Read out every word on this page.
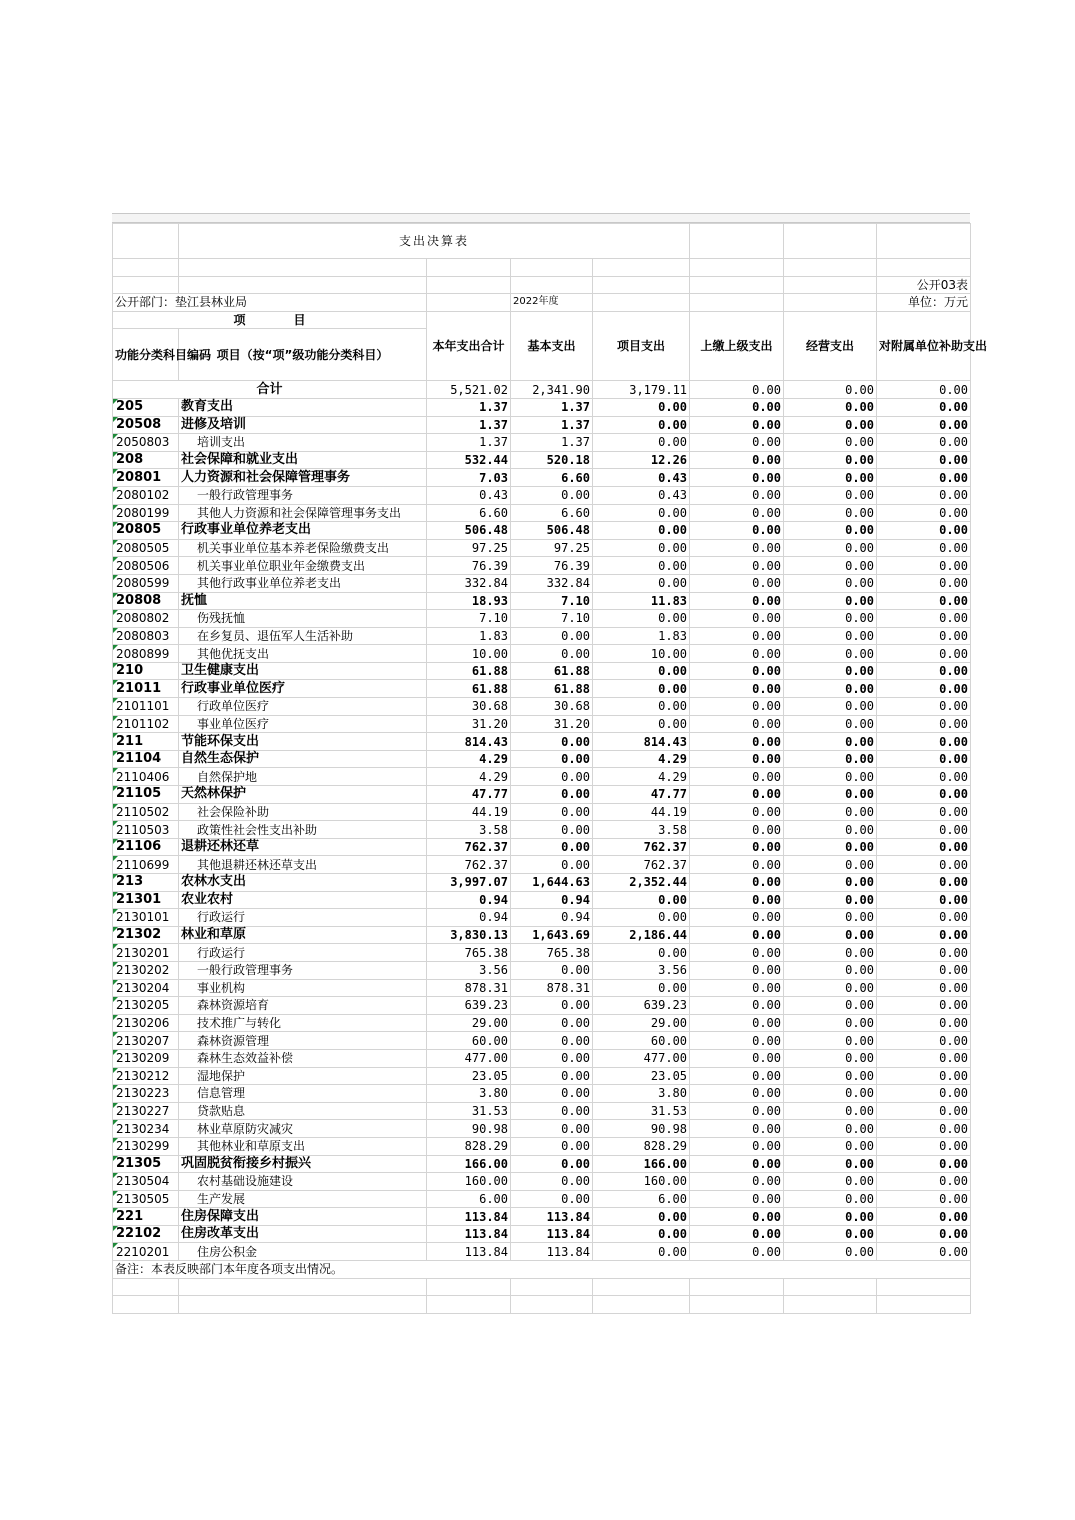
	支出决算表						

							公开03表
公开部门：垫江县林业局			2022年度				单位：万元
项　　　　目		本年支出合计	基本支出	项目支出	上缴上级支出	经营支出	对附属单位补助支出
功能分类科目编码	项目（按“项”级功能分类科目）						
合计		5,521.02	2,341.90	3,179.11	0.00	0.00	0.00
205	教育支出	1.37	1.37	0.00	0.00	0.00	0.00
20508	进修及培训	1.37	1.37	0.00	0.00	0.00	0.00
2050803	培训支出	1.37	1.37	0.00	0.00	0.00	0.00
208	社会保障和就业支出	532.44	520.18	12.26	0.00	0.00	0.00
20801	人力资源和社会保障管理事务	7.03	6.60	0.43	0.00	0.00	0.00
2080102	一般行政管理事务	0.43	0.00	0.43	0.00	0.00	0.00
2080199	其他人力资源和社会保障管理事务支出	6.60	6.60	0.00	0.00	0.00	0.00
20805	行政事业单位养老支出	506.48	506.48	0.00	0.00	0.00	0.00
2080505	机关事业单位基本养老保险缴费支出	97.25	97.25	0.00	0.00	0.00	0.00
2080506	机关事业单位职业年金缴费支出	76.39	76.39	0.00	0.00	0.00	0.00
2080599	其他行政事业单位养老支出	332.84	332.84	0.00	0.00	0.00	0.00
20808	抚恤	18.93	7.10	11.83	0.00	0.00	0.00
2080802	伤残抚恤	7.10	7.10	0.00	0.00	0.00	0.00
2080803	在乡复员、退伍军人生活补助	1.83	0.00	1.83	0.00	0.00	0.00
2080899	其他优抚支出	10.00	0.00	10.00	0.00	0.00	0.00
210	卫生健康支出	61.88	61.88	0.00	0.00	0.00	0.00
21011	行政事业单位医疗	61.88	61.88	0.00	0.00	0.00	0.00
2101101	行政单位医疗	30.68	30.68	0.00	0.00	0.00	0.00
2101102	事业单位医疗	31.20	31.20	0.00	0.00	0.00	0.00
211	节能环保支出	814.43	0.00	814.43	0.00	0.00	0.00
21104	自然生态保护	4.29	0.00	4.29	0.00	0.00	0.00
2110406	自然保护地	4.29	0.00	4.29	0.00	0.00	0.00
21105	天然林保护	47.77	0.00	47.77	0.00	0.00	0.00
2110502	社会保险补助	44.19	0.00	44.19	0.00	0.00	0.00
2110503	政策性社会性支出补助	3.58	0.00	3.58	0.00	0.00	0.00
21106	退耕还林还草	762.37	0.00	762.37	0.00	0.00	0.00
2110699	其他退耕还林还草支出	762.37	0.00	762.37	0.00	0.00	0.00
213	农林水支出	3,997.07	1,644.63	2,352.44	0.00	0.00	0.00
21301	农业农村	0.94	0.94	0.00	0.00	0.00	0.00
2130101	行政运行	0.94	0.94	0.00	0.00	0.00	0.00
21302	林业和草原	3,830.13	1,643.69	2,186.44	0.00	0.00	0.00
2130201	行政运行	765.38	765.38	0.00	0.00	0.00	0.00
2130202	一般行政管理事务	3.56	0.00	3.56	0.00	0.00	0.00
2130204	事业机构	878.31	878.31	0.00	0.00	0.00	0.00
2130205	森林资源培育	639.23	0.00	639.23	0.00	0.00	0.00
2130206	技术推广与转化	29.00	0.00	29.00	0.00	0.00	0.00
2130207	森林资源管理	60.00	0.00	60.00	0.00	0.00	0.00
2130209	森林生态效益补偿	477.00	0.00	477.00	0.00	0.00	0.00
2130212	湿地保护	23.05	0.00	23.05	0.00	0.00	0.00
2130223	信息管理	3.80	0.00	3.80	0.00	0.00	0.00
2130227	贷款贴息	31.53	0.00	31.53	0.00	0.00	0.00
2130234	林业草原防灾减灾	90.98	0.00	90.98	0.00	0.00	0.00
2130299	其他林业和草原支出	828.29	0.00	828.29	0.00	0.00	0.00
21305	巩固脱贫衔接乡村振兴	166.00	0.00	166.00	0.00	0.00	0.00
2130504	农村基础设施建设	160.00	0.00	160.00	0.00	0.00	0.00
2130505	生产发展	6.00	0.00	6.00	0.00	0.00	0.00
221	住房保障支出	113.84	113.84	0.00	0.00	0.00	0.00
22102	住房改革支出	113.84	113.84	0.00	0.00	0.00	0.00
2210201	住房公积金	113.84	113.84	0.00	0.00	0.00	0.00
备注：本表反映部门本年度各项支出情况。							
